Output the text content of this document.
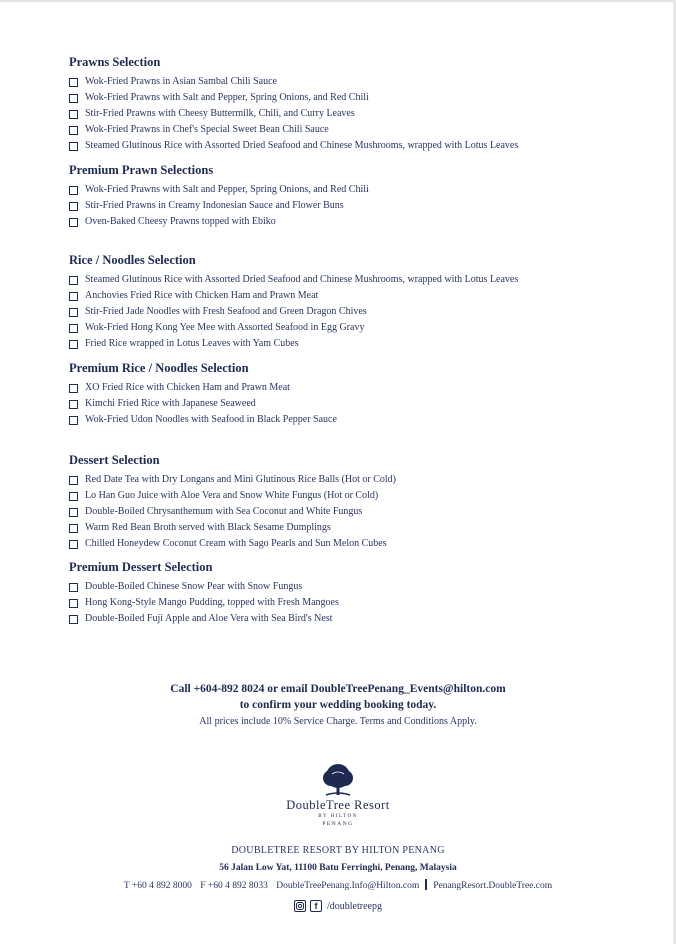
Prawns Selection
Wok-Fried Prawns in Asian Sambal Chili Sauce
Wok-Fried Prawns with Salt and Pepper, Spring Onions, and Red Chili
Stir-Fried Prawns with Cheesy Buttermilk, Chili, and Curry Leaves
Wok-Fried Prawns in Chef's Special Sweet Bean Chili Sauce
Steamed Glutinous Rice with Assorted Dried Seafood and Chinese Mushrooms, wrapped with Lotus Leaves
Premium Prawn Selections
Wok-Fried Prawns with Salt and Pepper, Spring Onions, and Red Chili
Stir-Fried Prawns in Creamy Indonesian Sauce and Flower Buns
Oven-Baked Cheesy Prawns topped with Ebiko
Rice / Noodles Selection
Steamed Glutinous Rice with Assorted Dried Seafood and Chinese Mushrooms, wrapped with Lotus Leaves
Anchovies Fried Rice with Chicken Ham and Prawn Meat
Stir-Fried Jade Noodles with Fresh Seafood and Green Dragon Chives
Wok-Fried Hong Kong Yee Mee with Assorted Seafood in Egg Gravy
Fried Rice wrapped in Lotus Leaves with Yam Cubes
Premium Rice / Noodles Selection
XO Fried Rice with Chicken Ham and Prawn Meat
Kimchi Fried Rice with Japanese Seaweed
Wok-Fried Udon Noodles with Seafood in Black Pepper Sauce
Dessert Selection
Red Date Tea with Dry Longans and Mini Glutinous Rice Balls (Hot or Cold)
Lo Han Guo Juice with Aloe Vera and Snow White Fungus (Hot or Cold)
Double-Boiled Chrysanthemum with Sea Coconut and White Fungus
Warm Red Bean Broth served with Black Sesame Dumplings
Chilled Honeydew Coconut Cream with Sago Pearls and Sun Melon Cubes
Premium Dessert Selection
Double-Boiled Chinese Snow Pear with Snow Fungus
Hong Kong-Style Mango Pudding, topped with Fresh Mangoes
Double-Boiled Fuji Apple and Aloe Vera with Sea Bird's Nest
Call +604-892 8024 or email DoubleTreePenang_Events@hilton.com
to confirm your wedding booking today.
All prices include 10% Service Charge. Terms and Conditions Apply.
DoubleTree Resort
BY HILTON
PENANG
DOUBLETREE RESORT BY HILTON PENANG
56 Jalan Low Yat, 11100 Batu Ferringhi, Penang, Malaysia
T +60 4 892 8000 F +60 4 892 8033 DoubleTreePenang.Info@Hilton.com PenangResort.DoubleTree.com
f /doubletreepg
